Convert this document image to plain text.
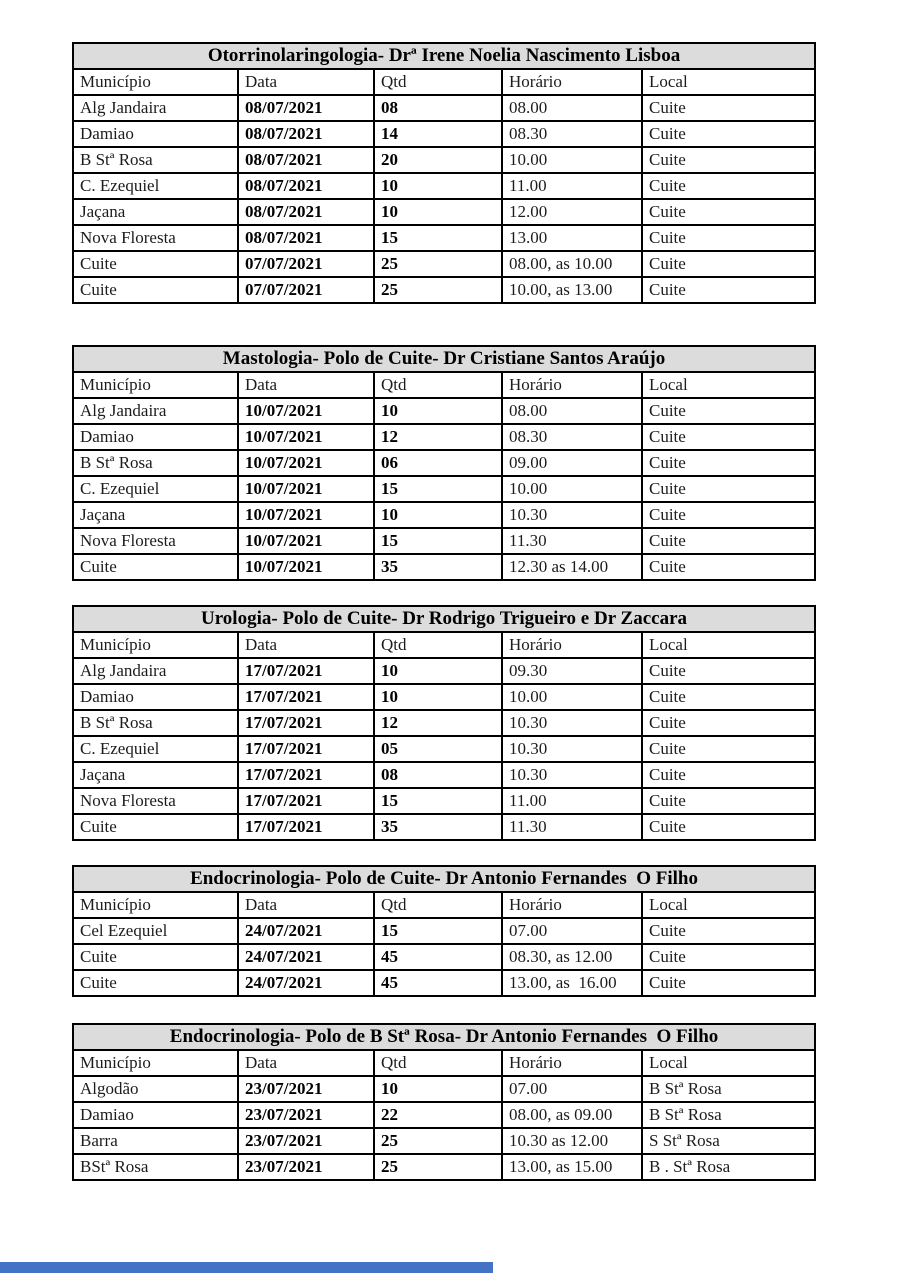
Otorrinolaringologia- Drª Irene Noelia Nascimento Lisboa				
Município	Data	Qtd	Horário	Local
Alg Jandaira	08/07/2021	08	08.00	Cuite
Damiao	08/07/2021	14	08.30	Cuite
B Stª Rosa	08/07/2021	20	10.00	Cuite
C. Ezequiel	08/07/2021	10	11.00	Cuite
Jaçana	08/07/2021	10	12.00	Cuite
Nova Floresta	08/07/2021	15	13.00	Cuite
Cuite	07/07/2021	25	08.00, as 10.00	Cuite
Cuite	07/07/2021	25	10.00, as 13.00	Cuite
Mastologia- Polo de Cuite- Dr Cristiane Santos Araújo				
Município	Data	Qtd	Horário	Local
Alg Jandaira	10/07/2021	10	08.00	Cuite
Damiao	10/07/2021	12	08.30	Cuite
B Stª Rosa	10/07/2021	06	09.00	Cuite
C. Ezequiel	10/07/2021	15	10.00	Cuite
Jaçana	10/07/2021	10	10.30	Cuite
Nova Floresta	10/07/2021	15	11.30	Cuite
Cuite	10/07/2021	35	12.30 as 14.00	Cuite
Urologia- Polo de Cuite- Dr Rodrigo Trigueiro e Dr Zaccara				
Município	Data	Qtd	Horário	Local
Alg Jandaira	17/07/2021	10	09.30	Cuite
Damiao	17/07/2021	10	10.00	Cuite
B Stª Rosa	17/07/2021	12	10.30	Cuite
C. Ezequiel	17/07/2021	05	10.30	Cuite
Jaçana	17/07/2021	08	10.30	Cuite
Nova Floresta	17/07/2021	15	11.00	Cuite
Cuite	17/07/2021	35	11.30	Cuite
Endocrinologia- Polo de Cuite- Dr Antonio Fernandes  O Filho				
Município	Data	Qtd	Horário	Local
Cel Ezequiel	24/07/2021	15	07.00	Cuite
Cuite	24/07/2021	45	08.30, as 12.00	Cuite
Cuite	24/07/2021	45	13.00, as  16.00	Cuite
Endocrinologia- Polo de B Stª Rosa- Dr Antonio Fernandes  O Filho				
Município	Data	Qtd	Horário	Local
Algodão	23/07/2021	10	07.00	B Stª Rosa
Damiao	23/07/2021	22	08.00, as 09.00	B Stª Rosa
Barra	23/07/2021	25	10.30 as 12.00	S Stª Rosa
BStª Rosa	23/07/2021	25	13.00, as 15.00	B . Stª Rosa
